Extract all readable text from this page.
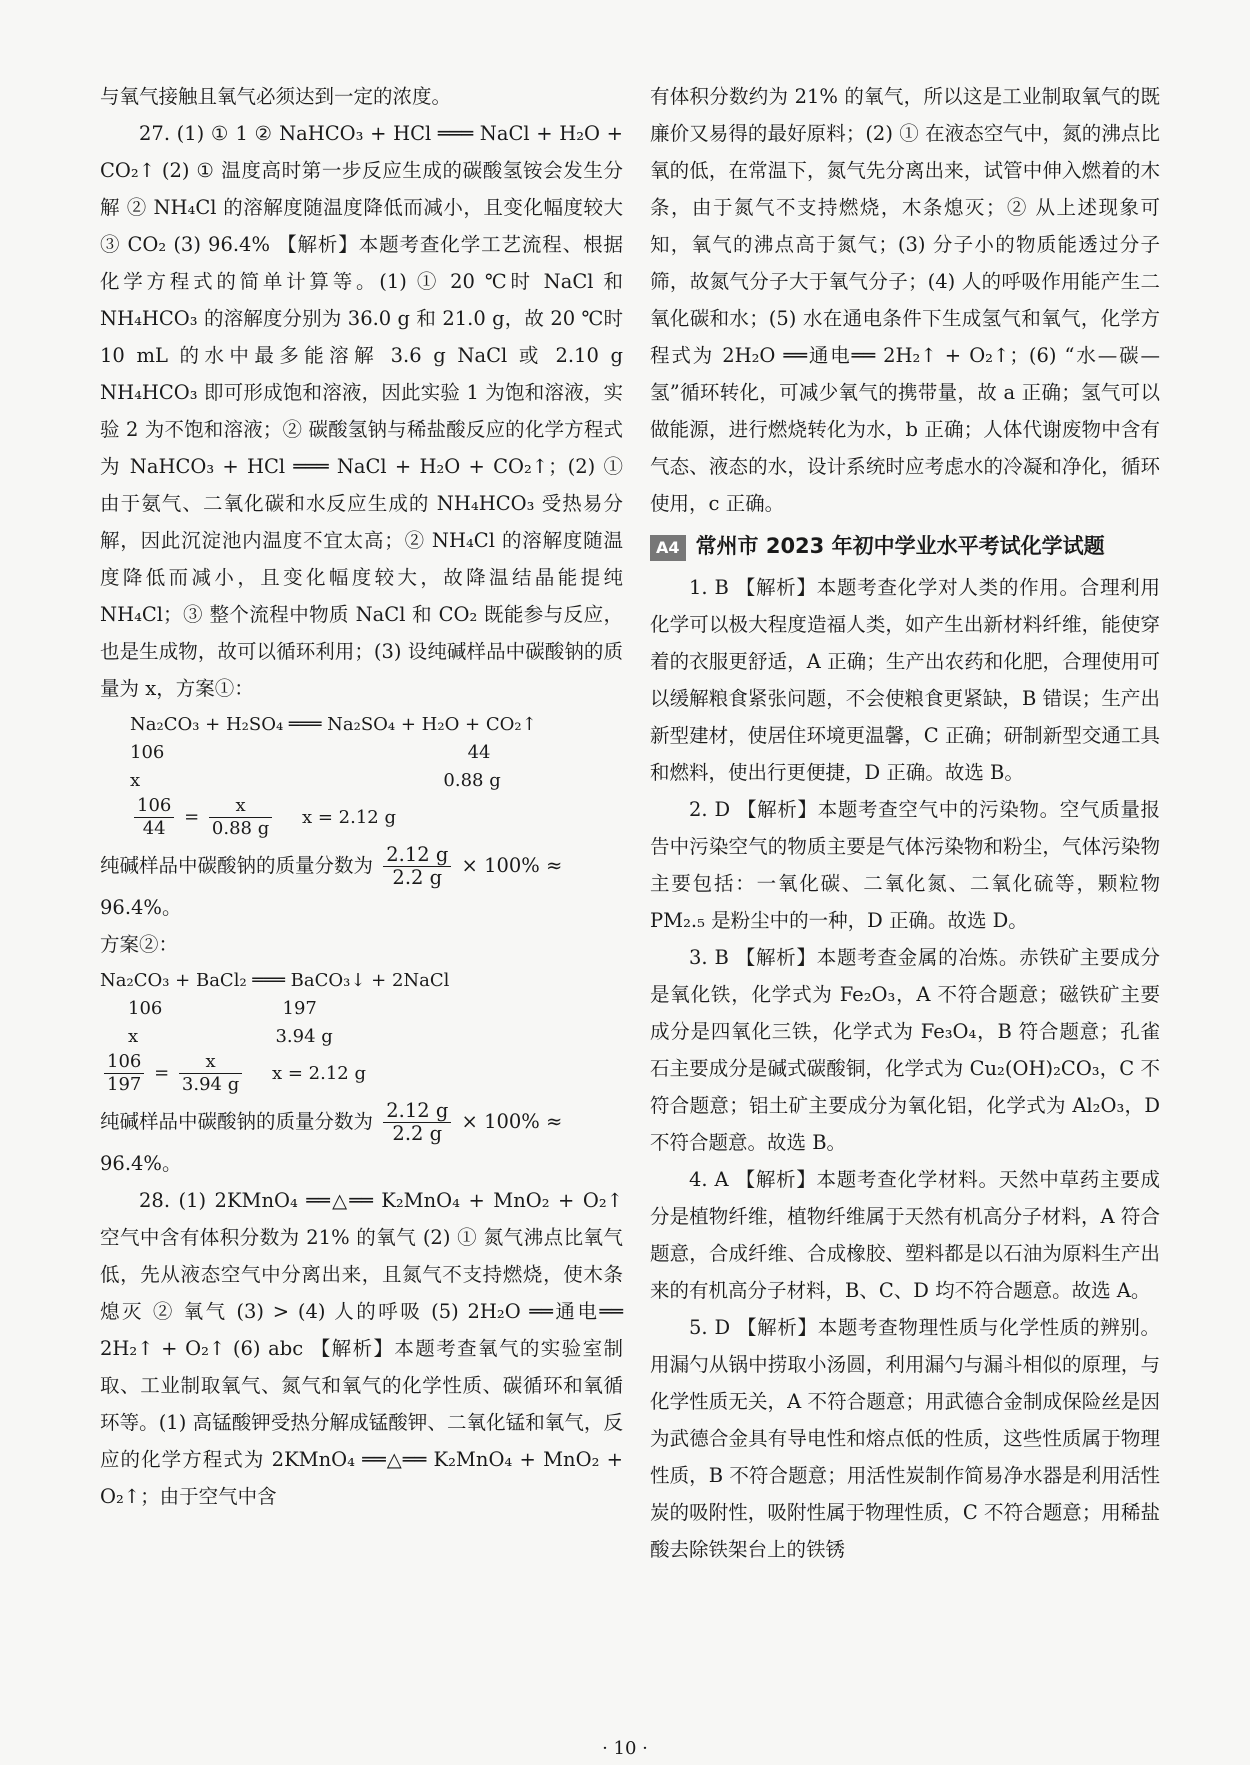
与氧气接触且氧气必须达到一定的浓度。

27. (1) ① 1 ② NaHCO₃ + HCl ═══ NaCl + H₂O + CO₂↑ (2) ① 温度高时第一步反应生成的碳酸氢铵会发生分解 ② NH₄Cl 的溶解度随温度降低而减小，且变化幅度较大 ③ CO₂ (3) 96.4% 【解析】本题考查化学工艺流程、根据化学方程式的简单计算等。(1) ① 20 ℃时 NaCl 和 NH₄HCO₃ 的溶解度分别为 36.0 g 和 21.0 g，故 20 ℃时 10 mL 的水中最多能溶解 3.6 g NaCl 或 2.10 g NH₄HCO₃ 即可形成饱和溶液，因此实验 1 为饱和溶液，实验 2 为不饱和溶液；② 碳酸氢钠与稀盐酸反应的化学方程式为 NaHCO₃ + HCl ═══ NaCl + H₂O + CO₂↑；(2) ① 由于氨气、二氧化碳和水反应生成的 NH₄HCO₃ 受热易分解，因此沉淀池内温度不宜太高；② NH₄Cl 的溶解度随温度降低而减小，且变化幅度较大，故降温结晶能提纯 NH₄Cl；③ 整个流程中物质 NaCl 和 CO₂ 既能参与反应，也是生成物，故可以循环利用；(3) 设纯碱样品中碳酸钠的质量为 x，方案①：

Na₂CO₃ + H₂SO₄ ═══ Na₂SO₄ + H₂O + CO₂↑
106                                                     44
x                                                     0.88 g
$\frac{106}{44} = \frac{x}{0.88 g}$ x = 2.12 g

纯碱样品中碳酸钠的质量分数为 $\frac{2.12 g}{2.2 g} \times 100\%$ ≈

96.4%。

方案②：

Na₂CO₃ + BaCl₂ ═══ BaCO₃↓ + 2NaCl
106                     197
x                        3.94 g
$\frac{106}{197} = \frac{x}{3.94 g}$ x = 2.12 g

纯碱样品中碳酸钠的质量分数为 $\frac{2.12 g}{2.2 g} \times 100\%$ ≈

96.4%。

28. (1) 2KMnO₄ ══△══ K₂MnO₄ + MnO₂ + O₂↑ 空气中含有体积分数为 21% 的氧气 (2) ① 氮气沸点比氧气低，先从液态空气中分离出来，且氮气不支持燃烧，使木条熄灭 ② 氧气 (3) > (4) 人的呼吸 (5) 2H₂O ══通电══ 2H₂↑ + O₂↑ (6) abc 【解析】本题考查氧气的实验室制取、工业制取氧气、氮气和氧气的化学性质、碳循环和氧循环等。(1) 高锰酸钾受热分解成锰酸钾、二氧化锰和氧气，反应的化学方程式为 2KMnO₄ ══△══ K₂MnO₄ + MnO₂ + O₂↑；由于空气中含

有体积分数约为 21% 的氧气，所以这是工业制取氧气的既廉价又易得的最好原料；(2) ① 在液态空气中，氮的沸点比氧的低，在常温下，氮气先分离出来，试管中伸入燃着的木条，由于氮气不支持燃烧，木条熄灭；② 从上述现象可知，氧气的沸点高于氮气；(3) 分子小的物质能透过分子筛，故氮气分子大于氧气分子；(4) 人的呼吸作用能产生二氧化碳和水；(5) 水在通电条件下生成氢气和氧气，化学方程式为 2H₂O ══通电══ 2H₂↑ + O₂↑；(6) “水—碳—氢”循环转化，可减少氧气的携带量，故 a 正确；氢气可以做能源，进行燃烧转化为水，b 正确；人体代谢废物中含有气态、液态的水，设计系统时应考虑水的冷凝和净化，循环使用，c 正确。

A4 常州市 2023 年初中学业水平考试化学试题

1. B 【解析】本题考查化学对人类的作用。合理利用化学可以极大程度造福人类，如产生出新材料纤维，能使穿着的衣服更舒适，A 正确；生产出农药和化肥，合理使用可以缓解粮食紧张问题，不会使粮食更紧缺，B 错误；生产出新型建材，使居住环境更温馨，C 正确；研制新型交通工具和燃料，使出行更便捷，D 正确。故选 B。

2. D 【解析】本题考查空气中的污染物。空气质量报告中污染空气的物质主要是气体污染物和粉尘，气体污染物主要包括：一氧化碳、二氧化氮、二氧化硫等，颗粒物 PM₂.₅ 是粉尘中的一种，D 正确。故选 D。

3. B 【解析】本题考查金属的冶炼。赤铁矿主要成分是氧化铁，化学式为 Fe₂O₃，A 不符合题意；磁铁矿主要成分是四氧化三铁，化学式为 Fe₃O₄，B 符合题意；孔雀石主要成分是碱式碳酸铜，化学式为 Cu₂(OH)₂CO₃，C 不符合题意；铝土矿主要成分为氧化铝，化学式为 Al₂O₃，D 不符合题意。故选 B。

4. A 【解析】本题考查化学材料。天然中草药主要成分是植物纤维，植物纤维属于天然有机高分子材料，A 符合题意，合成纤维、合成橡胶、塑料都是以石油为原料生产出来的有机高分子材料，B、C、D 均不符合题意。故选 A。

5. D 【解析】本题考查物理性质与化学性质的辨别。用漏勺从锅中捞取小汤圆，利用漏勺与漏斗相似的原理，与化学性质无关，A 不符合题意；用武德合金制成保险丝是因为武德合金具有导电性和熔点低的性质，这些性质属于物理性质，B 不符合题意；用活性炭制作简易净水器是利用活性炭的吸附性，吸附性属于物理性质，C 不符合题意；用稀盐酸去除铁架台上的铁锈

· 10 ·
